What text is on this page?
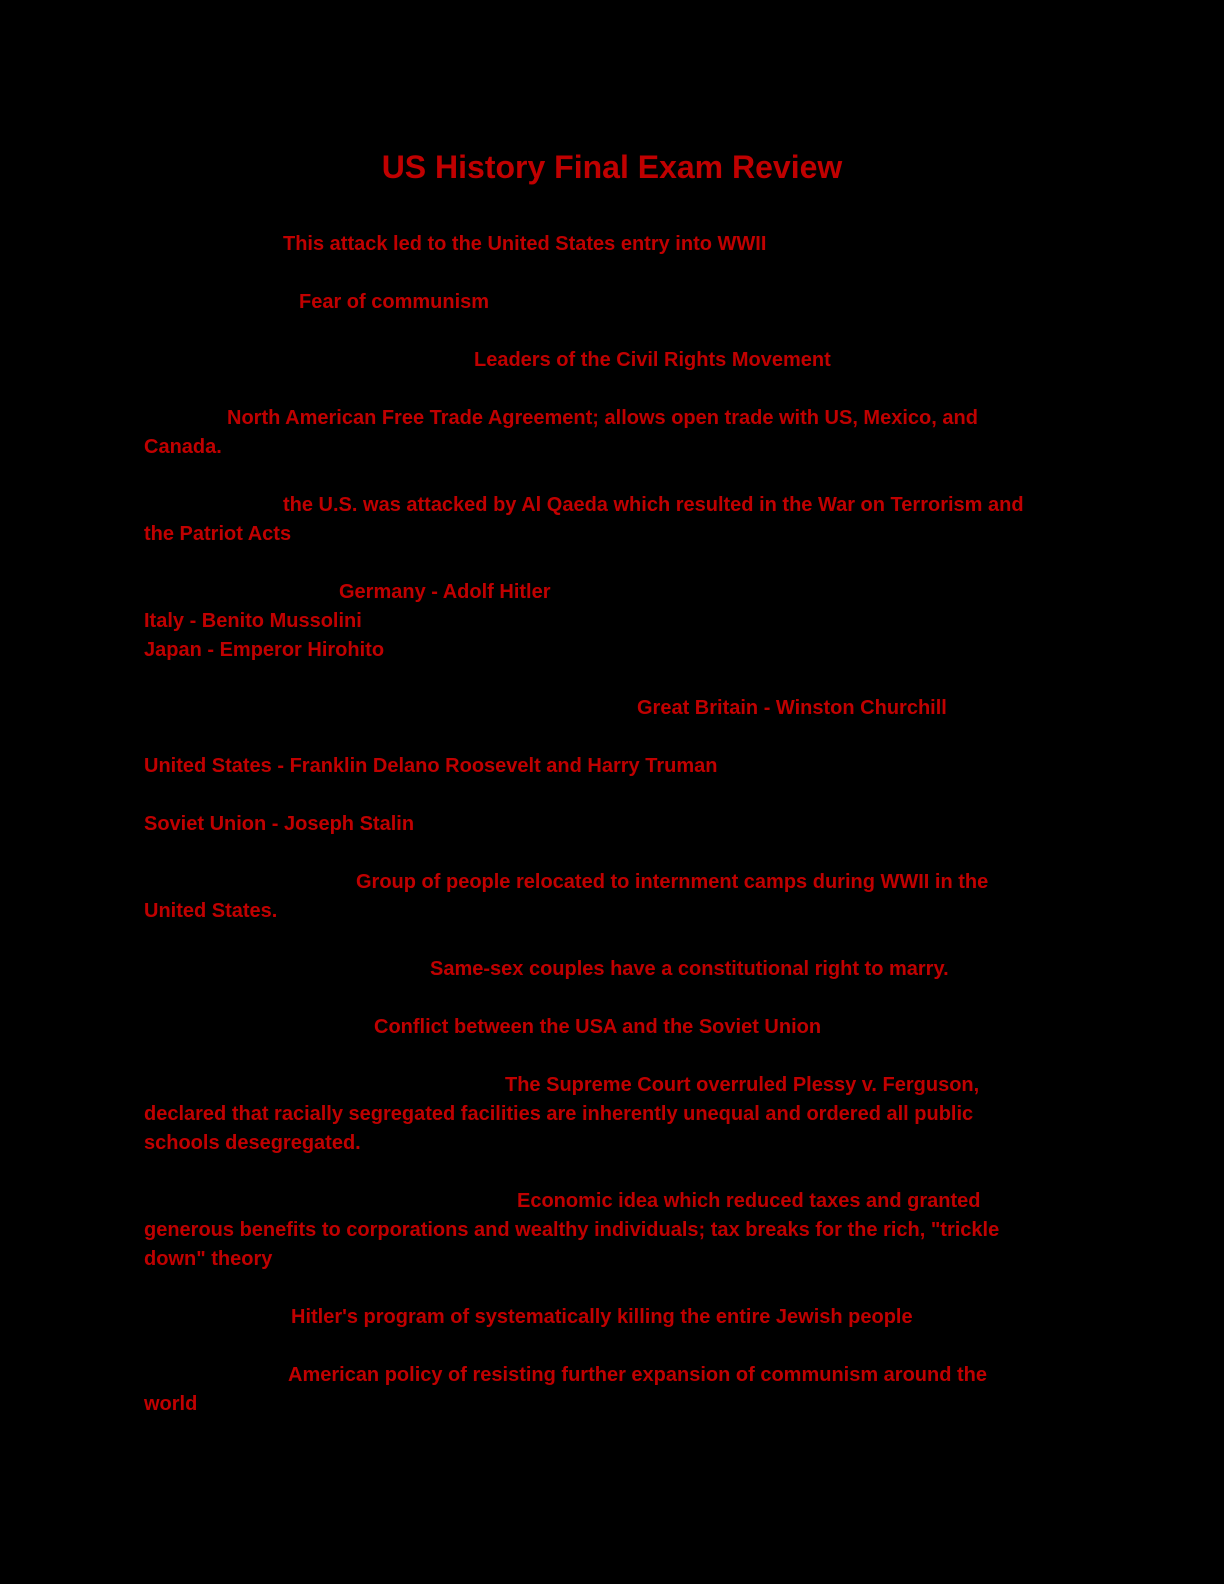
US History Final Exam Review
This attack led to the United States entry into WWII
Fear of communism
Leaders of the Civil Rights Movement
North American Free Trade Agreement; allows open trade with US, Mexico, and
Canada.
the U.S. was attacked by Al Qaeda which resulted in the War on Terrorism and
the Patriot Acts
Germany - Adolf Hitler
Italy - Benito Mussolini
Japan - Emperor Hirohito
Great Britain - Winston Churchill
United States - Franklin Delano Roosevelt and Harry Truman
Soviet Union - Joseph Stalin
Group of people relocated to internment camps during WWII in the
United States.
Same-sex couples have a constitutional right to marry.
Conflict between the USA and the Soviet Union
The Supreme Court overruled Plessy v. Ferguson,
declared that racially segregated facilities are inherently unequal and ordered all public
schools desegregated.
Economic idea which reduced taxes and granted
generous benefits to corporations and wealthy individuals; tax breaks for the rich, "trickle
down" theory
Hitler's program of systematically killing the entire Jewish people
American policy of resisting further expansion of communism around the
world
